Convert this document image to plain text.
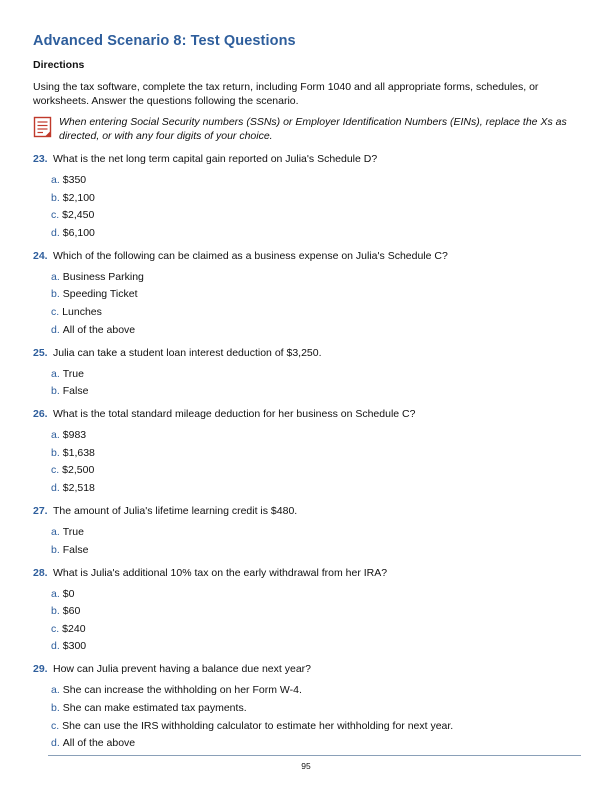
Advanced Scenario 8: Test Questions
Directions
Using the tax software, complete the tax return, including Form 1040 and all appropriate forms, schedules, or worksheets. Answer the questions following the scenario.
When entering Social Security numbers (SSNs) or Employer Identification Numbers (EINs), replace the Xs as directed, or with any four digits of your choice.
23. What is the net long term capital gain reported on Julia's Schedule D?
a. $350
b. $2,100
c. $2,450
d. $6,100
24. Which of the following can be claimed as a business expense on Julia's Schedule C?
a. Business Parking
b. Speeding Ticket
c. Lunches
d. All of the above
25. Julia can take a student loan interest deduction of $3,250.
a. True
b. False
26. What is the total standard mileage deduction for her business on Schedule C?
a. $983
b. $1,638
c. $2,500
d. $2,518
27. The amount of Julia's lifetime learning credit is $480.
a. True
b. False
28. What is Julia's additional 10% tax on the early withdrawal from her IRA?
a. $0
b. $60
c. $240
d. $300
29. How can Julia prevent having a balance due next year?
a. She can increase the withholding on her Form W-4.
b. She can make estimated tax payments.
c. She can use the IRS withholding calculator to estimate her withholding for next year.
d. All of the above
95
